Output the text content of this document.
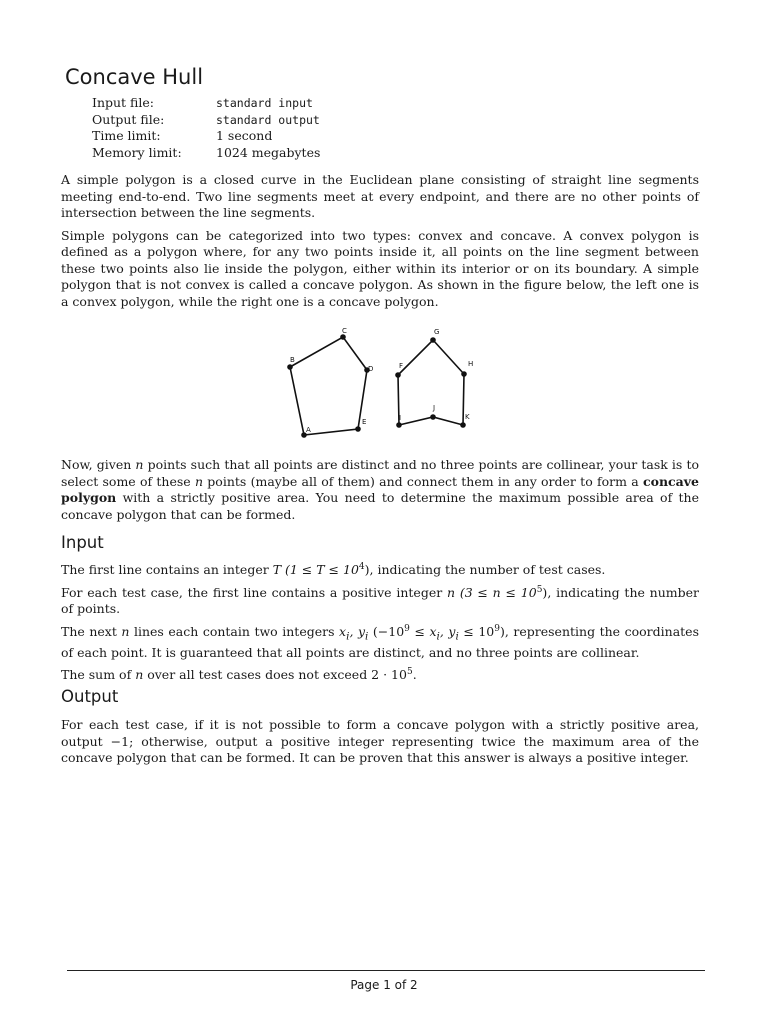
Concave Hull
Input file:	standard input
Output file:	standard output
Time limit:	1 second
Memory limit:	1024 megabytes

A simple polygon is a closed curve in the Euclidean plane consisting of straight line segments meeting end-to-end. Two line segments meet at every endpoint, and there are no other points of intersection between the line segments.

Simple polygons can be categorized into two types: convex and concave. A convex polygon is defined as a polygon where, for any two points inside it, all points on the line segment between these two points also lie inside the polygon, either within its interior or on its boundary. A simple polygon that is not convex is called a concave polygon. As shown in the figure below, the left one is a convex polygon, while the right one is a concave polygon.

B
C
D
E
A
F
G
H
K
J
I

Now, given n points such that all points are distinct and no three points are collinear, your task is to select some of these n points (maybe all of them) and connect them in any order to form a concave polygon with a strictly positive area. You need to determine the maximum possible area of the concave polygon that can be formed.

Input

The first line contains an integer T $(1 \le T \le 10^4)$, indicating the number of test cases.

For each test case, the first line contains a positive integer n $(3 \le n \le 10^5)$, indicating the number of points.

The next n lines each contain two integers $x_i$, $y_i$ ($-10^9 \le x_i$, $y_i \le 10^9$), representing the coordinates of each point. It is guaranteed that all points are distinct, and no three points are collinear.

The sum of n over all test cases does not exceed $2 \cdot 10^5$.

Output

For each test case, if it is not possible to form a concave polygon with a strictly positive area, output −1; otherwise, output a positive integer representing twice the maximum area of the concave polygon that can be formed. It can be proven that this answer is always a positive integer.

Page 1 of 2
